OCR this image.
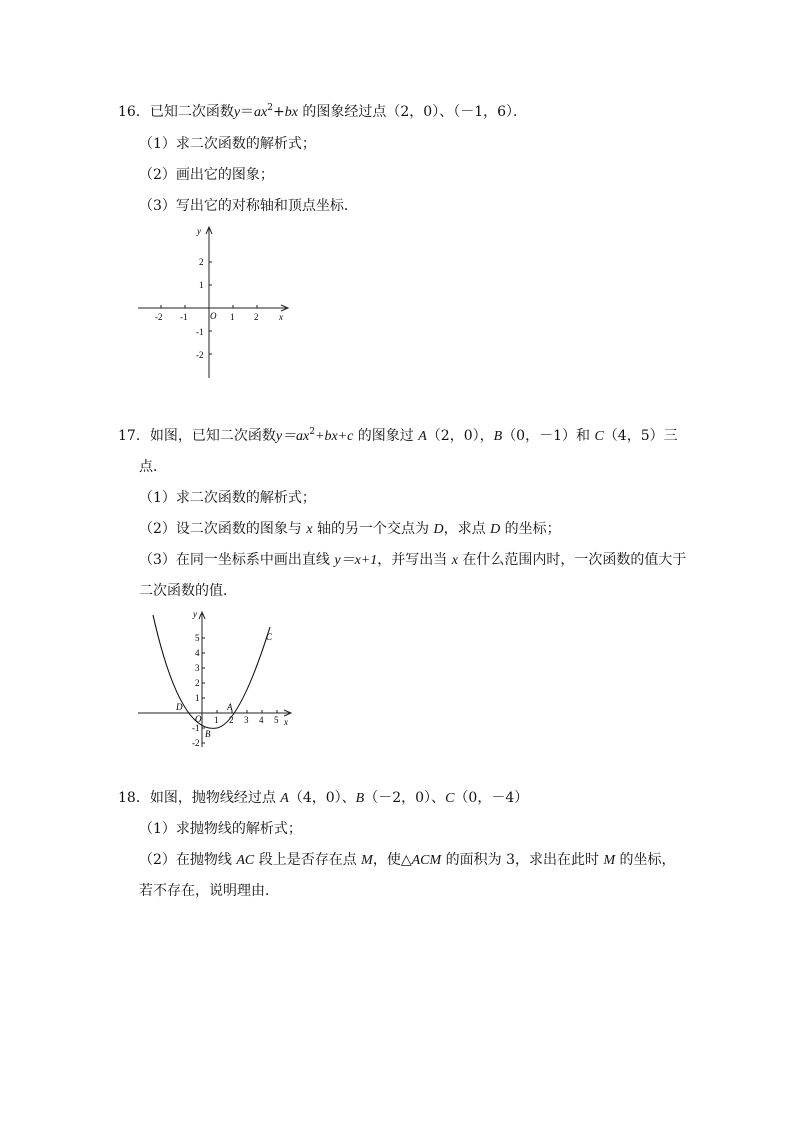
16．已知二次函数$y=ax^2+bx$ 的图象经过点（2，0）、（－1，6）．
（1）求二次函数的解析式；
（2）画出它的图象；
（3）写出它的对称轴和顶点坐标．
-2 -1	1 2
2
1
-1
-2
O	x
y
17．如图，已知二次函数$y=ax^2+bx+c$ 的图象过 A（2，0），B（0，－1）和 C（4，5）三
点．
（1）求二次函数的解析式；
（2）设二次函数的图象与 x 轴的另一个交点为 D，求点 D 的坐标；
（3）在同一坐标系中画出直线 y＝x+1，并写出当 x 在什么范围内时，一次函数的值大于
二次函数的值．
1 2 3 4 5
5
4
3
2
1
-1
-2
O
A
B
C
D
x
y
18．如图，抛物线经过点 A（4，0）、B（－2，0）、C（0，－4）
（1）求抛物线的解析式；
（2）在抛物线 AC 段上是否存在点 M，使△ACM 的面积为 3，求出在此时 M 的坐标，
若不存在，说明理由．
